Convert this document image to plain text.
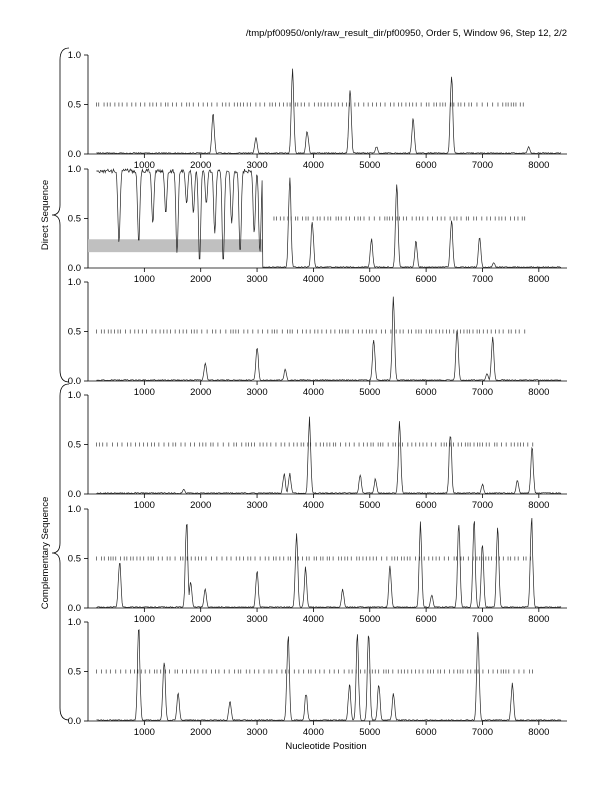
/tmp/pf00950/only/raw_result_dir/pf00950, Order 5, Window 96, Step 12, 2/2
Direct Sequence
Complementary Sequence
Nucleotide Position
0.0
0.5
1.0
1000	2000	3000	4000	5000	6000	7000	8000
0.0
0.5
1.0
1000	2000	3000	4000	5000	6000	7000	8000
0.0
0.5
1.0
1000	2000	3000	4000	5000	6000	7000	8000
0.0
0.5
1.0
1000	2000	3000	4000	5000	6000	7000	8000
0.0
0.5
1.0
1000	2000	3000	4000	5000	6000	7000	8000
0.0
0.5
1.0
1000	2000	3000	4000	5000	6000	7000	8000
